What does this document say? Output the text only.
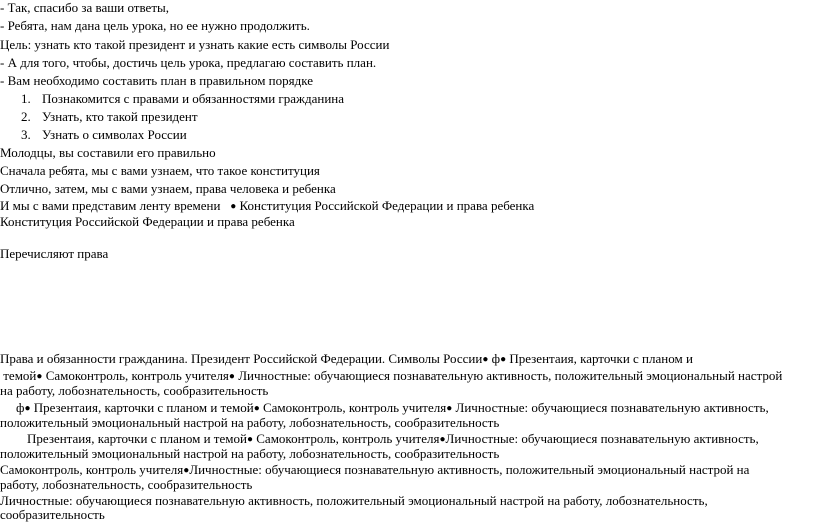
- Так, спасибо за ваши ответы,
- Ребята, нам дана цель урока, но ее нужно продолжить.
Цель: узнать кто такой президент и узнать какие есть символы России
- А для того, чтобы, достичь цель урока, предлагаю составить план.
- Вам необходимо составить план в правильном порядке
1. Познакомится с правами и обязанностями гражданина
2. Узнать, кто такой президент
3. Узнать о символах России
Молодцы, вы составили его правильно
Сначала ребята, мы с вами узнаем, что такое конституция
Отлично, затем, мы с вами узнаем, права человека и ребенка
И мы с вами представим ленту времени ● Конституция Российской Федерации и права ребенка
Конституция Российской Федерации и права ребенка
Перечисляют права
Права и обязанности гражданина. Президент Российской Федерации. Символы России● ф● Презентаия, карточки с планом и
темой● Самоконтроль, контроль учителя● Личностные: обучающиеся познавательную активность, положительный эмоциональный настрой
на работу, лобознательность, сообразительность
ф● Презентаия, карточки с планом и темой● Самоконтроль, контроль учителя● Личностные: обучающиеся познавательную активность,
положительный эмоциональный настрой на работу, лобознательность, сообразительность
Презентаия, карточки с планом и темой● Самоконтроль, контроль учителя●Личностные: обучающиеся познавательную активность,
положительный эмоциональный настрой на работу, лобознательность, сообразительность
Самоконтроль, контроль учителя●Личностные: обучающиеся познавательную активность, положительный эмоциональный настрой на
работу, лобознательность, сообразительность
Личностные: обучающиеся познавательную активность, положительный эмоциональный настрой на работу, лобознательность,
сообразительность
